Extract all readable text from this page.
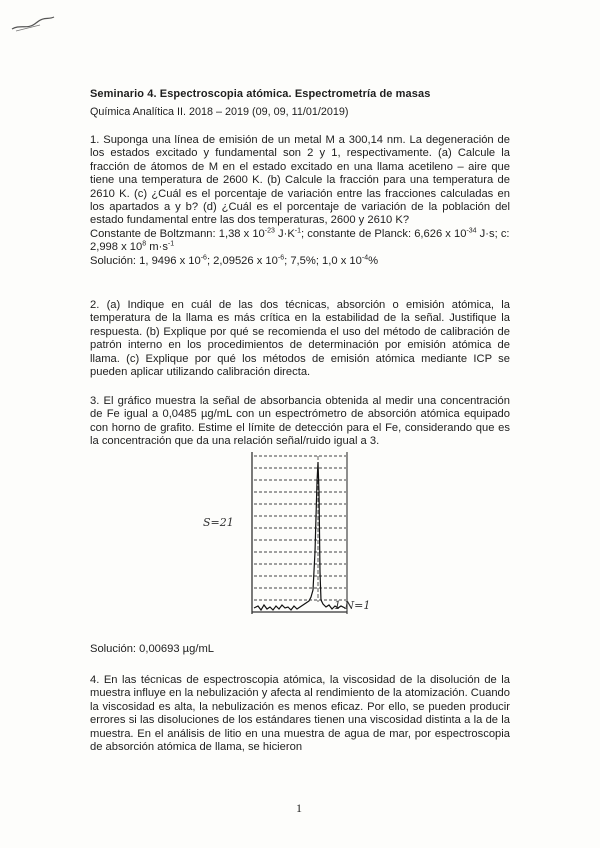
Seminario 4. Espectroscopia atómica. Espectrometría de masas
Química Analítica II. 2018 – 2019 (09, 09, 11/01/2019)

1. Suponga una línea de emisión de un metal M a 300,14 nm. La degeneración de los estados excitado y fundamental son 2 y 1, respectivamente. (a) Calcule la fracción de átomos de M en el estado excitado en una llama acetileno – aire que tiene una temperatura de 2600 K. (b) Calcule la fracción para una temperatura de 2610 K. (c) ¿Cuál es el porcentaje de variación entre las fracciones calculadas en los apartados a y b? (d) ¿Cuál es el porcentaje de variación de la población del estado fundamental entre las dos temperaturas, 2600 y 2610 K?

Constante de Boltzmann: 1,38 x $10^{-23}$ $J\cdot K^{-1}$; constante de Planck: 6,626 x $10^{-34}$ J·s; c: 2,998 x $10^8$ $m\cdot s^{-1}$

Solución: 1, 9496 x $10^{-6}$; 2,09526 x $10^{-6}$; 7,5%; 1,0 x $10^{-4}\%$

2. (a) Indique en cuál de las dos técnicas, absorción o emisión atómica, la temperatura de la llama es más crítica en la estabilidad de la señal. Justifique la respuesta. (b) Explique por qué se recomienda el uso del método de calibración de patrón interno en los procedimientos de determinación por emisión atómica de llama. (c) Explique por qué los métodos de emisión atómica mediante ICP se pueden aplicar utilizando calibración directa.

3. El gráfico muestra la señal de absorbancia obtenida al medir una concentración de Fe igual a 0,0485 µg/mL con un espectrómetro de absorción atómica equipado con horno de grafito. Estime el límite de detección para el Fe, considerando que es la concentración que da una relación señal/ruido igual a 3.

S=21
1 N=1
Solución: 0,00693 µg/mL

4. En las técnicas de espectroscopia atómica, la viscosidad de la disolución de la muestra influye en la nebulización y afecta al rendimiento de la atomización. Cuando la viscosidad es alta, la nebulización es menos eficaz. Por ello, se pueden producir errores si las disoluciones de los estándares tienen una viscosidad distinta a la de la muestra. En el análisis de litio en una muestra de agua de mar, por espectroscopia de absorción atómica de llama, se hicieron

1
